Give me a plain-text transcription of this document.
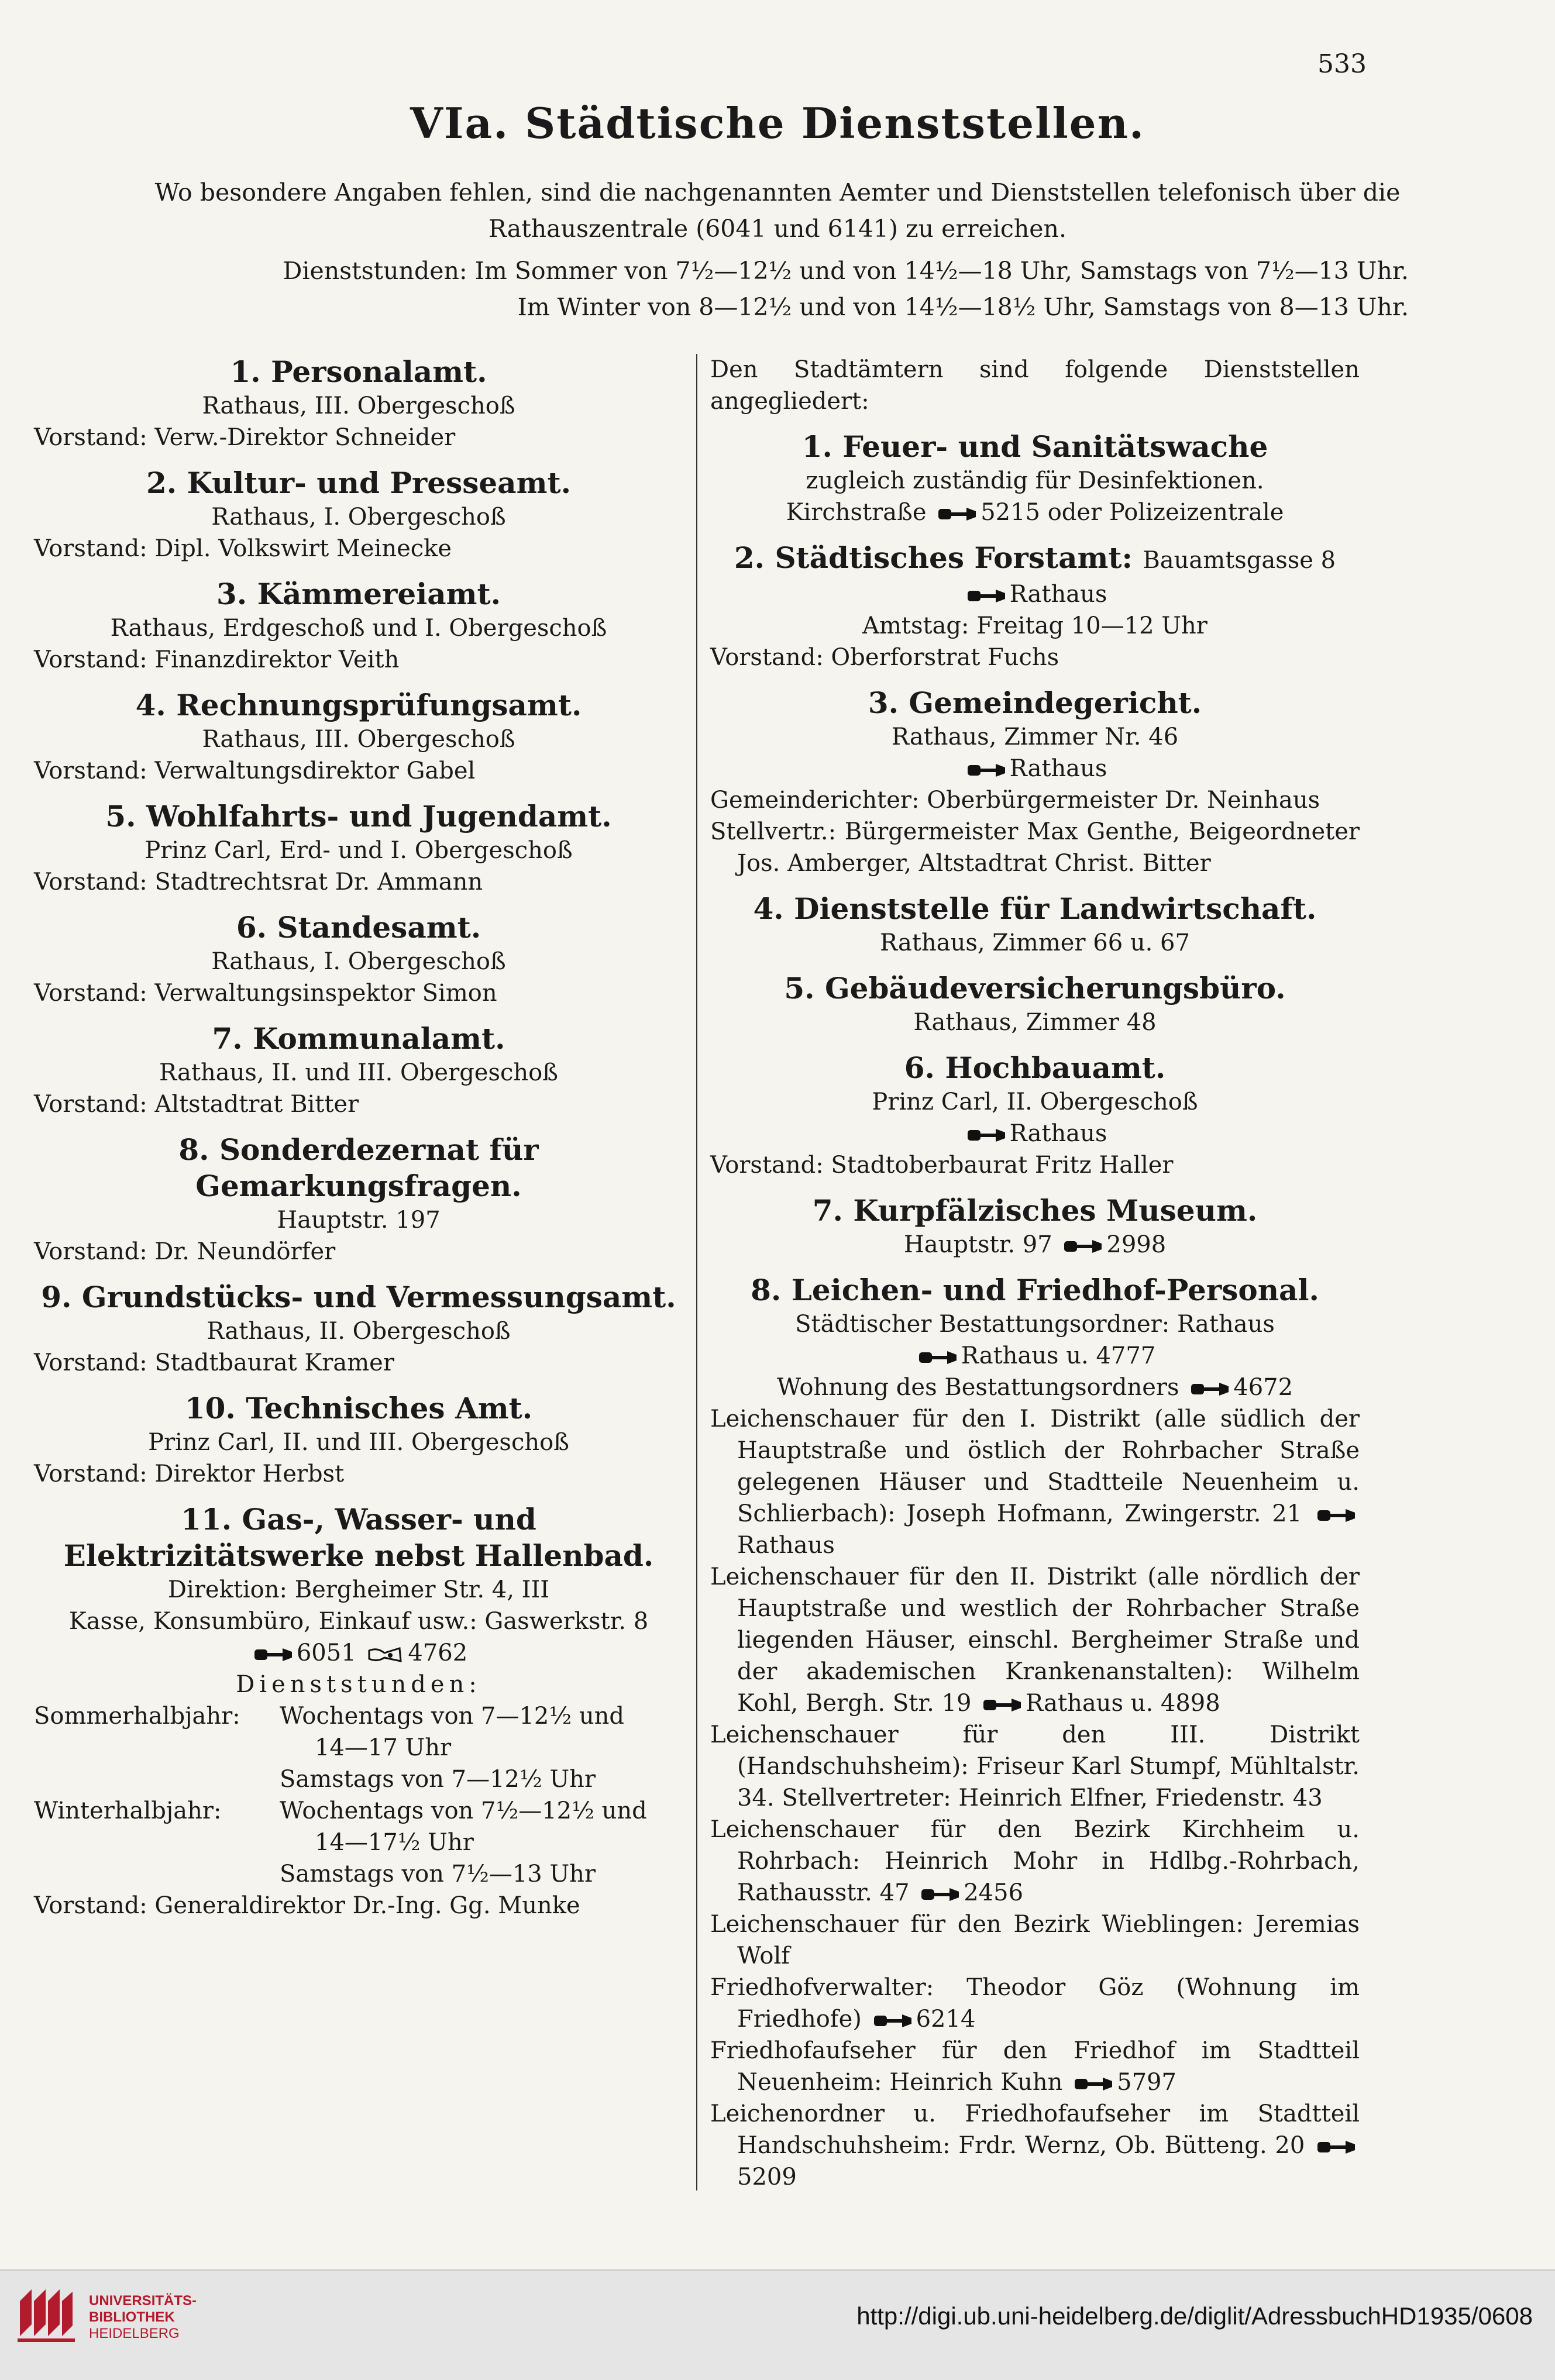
533
VIa. Städtische Dienststellen.
Wo besondere Angaben fehlen, sind die nachgenannten Aemter und Dienststellen telefonisch über die Rathauszentrale (6041 und 6141) zu erreichen.
Dienststunden: Im Sommer von 7½—12½ und von 14½—18 Uhr, Samstags von 7½—13 Uhr.
Im Winter von 8—12½ und von 14½—18½ Uhr, Samstags von 8—13 Uhr.
1. Personalamt.
Rathaus, III. Obergeschoß
Vorstand: Verw.-Direktor Schneider
2. Kultur- und Presseamt.
Rathaus, I. Obergeschoß
Vorstand: Dipl. Volkswirt Meinecke
3. Kämmereiamt.
Rathaus, Erdgeschoß und I. Obergeschoß
Vorstand: Finanzdirektor Veith
4. Rechnungsprüfungsamt.
Rathaus, III. Obergeschoß
Vorstand: Verwaltungsdirektor Gabel
5. Wohlfahrts- und Jugendamt.
Prinz Carl, Erd- und I. Obergeschoß
Vorstand: Stadtrechtsrat Dr. Ammann
6. Standesamt.
Rathaus, I. Obergeschoß
Vorstand: Verwaltungsinspektor Simon
7. Kommunalamt.
Rathaus, II. und III. Obergeschoß
Vorstand: Altstadtrat Bitter
8. Sonderdezernat für Gemarkungsfragen.
Hauptstr. 197
Vorstand: Dr. Neundörfer
9. Grundstücks- und Vermessungsamt.
Rathaus, II. Obergeschoß
Vorstand: Stadtbaurat Kramer
10. Technisches Amt.
Prinz Carl, II. und III. Obergeschoß
Vorstand: Direktor Herbst
11. Gas-, Wasser- und Elektrizitätswerke nebst Hallenbad.
Direktion: Bergheimer Str. 4, III
Kasse, Konsumbüro, Einkauf usw.: Gaswerkstr. 8
6051 4762
Dienststunden:
Sommerhalbjahr:	Wochentags von 7—12½ und
	14—17 Uhr
	Samstags von 7—12½ Uhr
Winterhalbjahr:	Wochentags von 7½—12½ und
	14—17½ Uhr
	Samstags von 7½—13 Uhr
Vorstand: Generaldirektor Dr.-Ing. Gg. Munke
Den Stadtämtern sind folgende Dienststellen angegliedert:
1. Feuer- und Sanitätswache
zugleich zuständig für Desinfektionen.
Kirchstraße 5215 oder Polizeizentrale
2. Städtisches Forstamt: Bauamtsgasse 8
Rathaus
Amtstag: Freitag 10—12 Uhr
Vorstand: Oberforstrat Fuchs
3. Gemeindegericht.
Rathaus, Zimmer Nr. 46
Rathaus
Gemeinderichter: Oberbürgermeister Dr. Neinhaus
Stellvertr.: Bürgermeister Max Genthe, Beigeordneter Jos. Amberger, Altstadtrat Christ. Bitter
4. Dienststelle für Landwirtschaft.
Rathaus, Zimmer 66 u. 67
5. Gebäudeversicherungsbüro.
Rathaus, Zimmer 48
6. Hochbauamt.
Prinz Carl, II. Obergeschoß
Rathaus
Vorstand: Stadtoberbaurat Fritz Haller
7. Kurpfälzisches Museum.
Hauptstr. 97 2998
8. Leichen- und Friedhof-Personal.
Städtischer Bestattungsordner: Rathaus
Rathaus u. 4777
Wohnung des Bestattungsordners 4672
Leichenschauer für den I. Distrikt (alle südlich der Hauptstraße und östlich der Rohrbacher Straße gelegenen Häuser und Stadtteile Neuenheim u. Schlierbach): Joseph Hofmann, Zwingerstr. 21 Rathaus
Leichenschauer für den II. Distrikt (alle nördlich der Hauptstraße und westlich der Rohrbacher Straße liegenden Häuser, einschl. Bergheimer Straße und der akademischen Krankenanstalten): Wilhelm Kohl, Bergh. Str. 19 Rathaus u. 4898
Leichenschauer für den III. Distrikt (Handschuhsheim): Friseur Karl Stumpf, Mühltalstr. 34. Stellvertreter: Heinrich Elfner, Friedenstr. 43
Leichenschauer für den Bezirk Kirchheim u. Rohrbach: Heinrich Mohr in Hdlbg.-Rohrbach, Rathausstr. 47 2456
Leichenschauer für den Bezirk Wieblingen: Jeremias Wolf
Friedhofverwalter: Theodor Göz (Wohnung im Friedhofe) 6214
Friedhofaufseher für den Friedhof im Stadtteil Neuenheim: Heinrich Kuhn 5797
Leichenordner u. Friedhofaufseher im Stadtteil Handschuhsheim: Frdr. Wernz, Ob. Bütteng. 20 5209
UNIVERSITÄTS-
BIBLIOTHEK
HEIDELBERG
http://digi.ub.uni-heidelberg.de/diglit/AdressbuchHD1935/0608
